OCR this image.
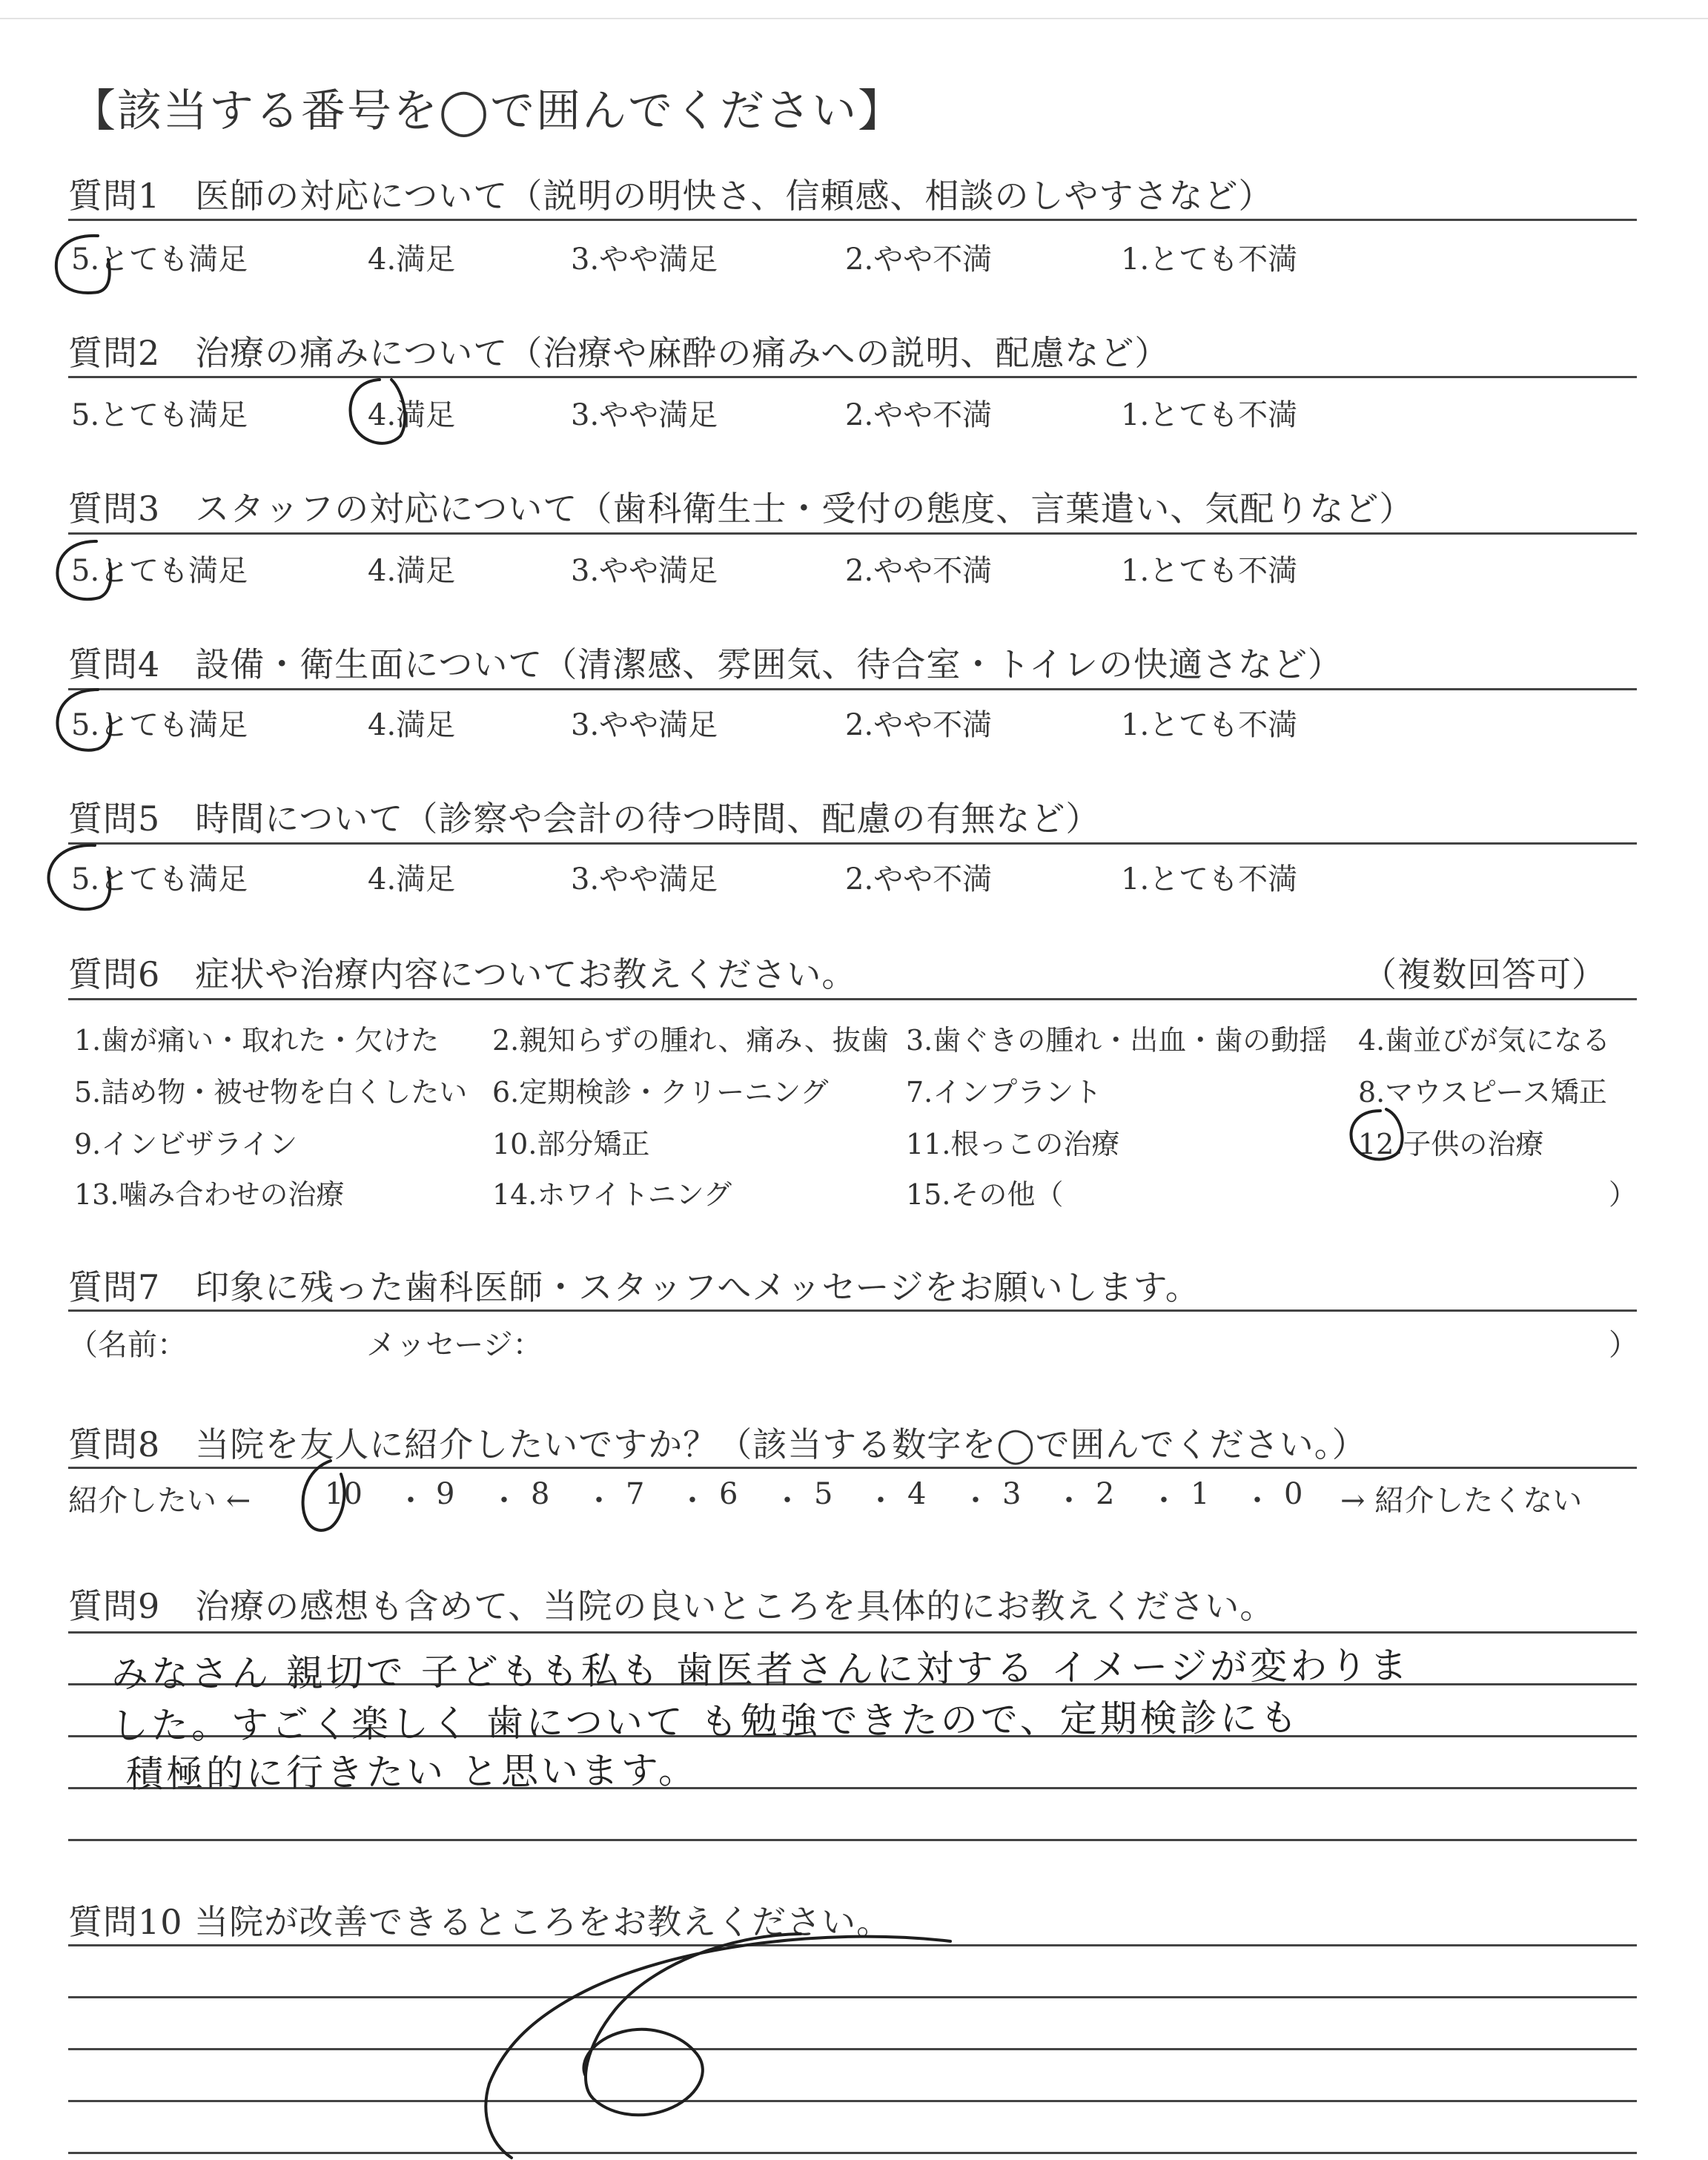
【該当する番号を◯で囲んでください】
質問1　医師の対応について（説明の明快さ、信頼感、相談のしやすさなど）
5.とても満足	4.満足	3.やや満足	2.やや不満	1.とても不満
質問2　治療の痛みについて（治療や麻酔の痛みへの説明、配慮など）
5.とても満足	4.満足	3.やや満足	2.やや不満	1.とても不満
質問3　スタッフの対応について（歯科衛生士・受付の態度、言葉遣い、気配りなど）
5.とても満足	4.満足	3.やや満足	2.やや不満	1.とても不満
質問4　設備・衛生面について（清潔感、雰囲気、待合室・トイレの快適さなど）
5.とても満足	4.満足	3.やや満足	2.やや不満	1.とても不満
質問5　時間について（診察や会計の待つ時間、配慮の有無など）
5.とても満足	4.満足	3.やや満足	2.やや不満	1.とても不満
質問6　症状や治療内容についてお教えください。	（複数回答可）
1.歯が痛い・取れた・欠けた 2.親知らずの腫れ、痛み、抜歯 3.歯ぐきの腫れ・出血・歯の動揺 4.歯並びが気になる
5.詰め物・被せ物を白くしたい 6.定期検診・クリーニング	7.インプラント	8.マウスピース矯正
9.インビザライン	10.部分矯正	11.根っこの治療	12.子供の治療
13.噛み合わせの治療	14.ホワイトニング	15.その他（	）
質問7　印象に残った歯科医師・スタッフへメッセージをお願いします。
（名前：	メッセージ：	）
質問8　当院を友人に紹介したいですか？（該当する数字を◯で囲んでください。）
紹介したい ← 10 ・ 9 ・ 8 ・ 7 ・ 6 ・ 5 ・ 4 ・ 3 ・ 2 ・ 1 ・ 0 → 紹介したくない
質問9　治療の感想も含めて、当院の良いところを具体的にお教えください。
みなさん 親切で 子どもも私も 歯医者さんに対する イメージが変わりま
した。すごく楽しく 歯について も勉強できたので、定期検診にも
積極的に行きたい と思います。
質問10 当院が改善できるところをお教えください。
